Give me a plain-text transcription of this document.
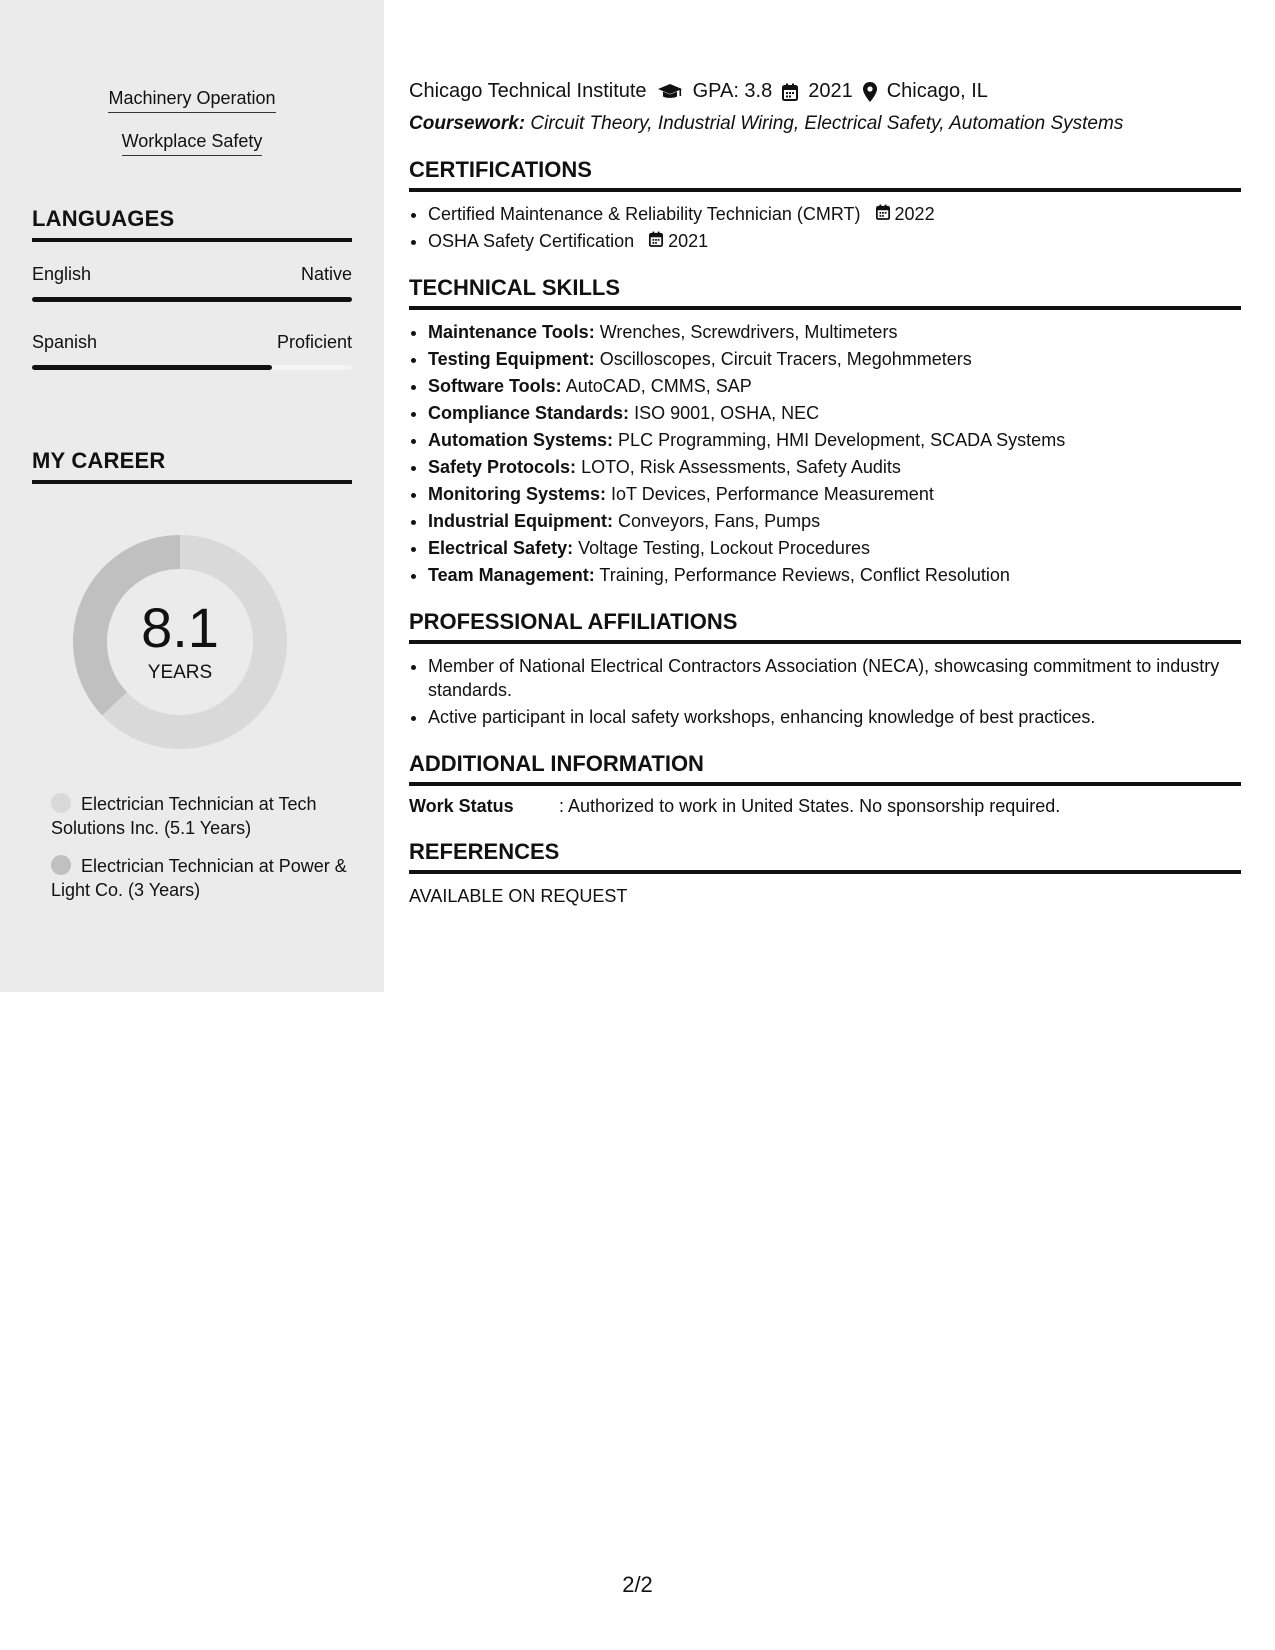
Machinery Operation
Workplace Safety
LANGUAGES
English	Native
Spanish	Proficient
MY CAREER
8.1
YEARS
Electrician Technician at Tech Solutions Inc. (5.1 Years)
Electrician Technician at Power & Light Co. (3 Years)
Chicago Technical Institute GPA: 3.8 2021 Chicago, IL
Coursework: Circuit Theory, Industrial Wiring, Electrical Safety, Automation Systems
CERTIFICATIONS
• Certified Maintenance & Reliability Technician (CMRT) 2022
• OSHA Safety Certification 2021
TECHNICAL SKILLS
• Maintenance Tools: Wrenches, Screwdrivers, Multimeters
• Testing Equipment: Oscilloscopes, Circuit Tracers, Megohmmeters
• Software Tools: AutoCAD, CMMS, SAP
• Compliance Standards: ISO 9001, OSHA, NEC
• Automation Systems: PLC Programming, HMI Development, SCADA Systems
• Safety Protocols: LOTO, Risk Assessments, Safety Audits
• Monitoring Systems: IoT Devices, Performance Measurement
• Industrial Equipment: Conveyors, Fans, Pumps
• Electrical Safety: Voltage Testing, Lockout Procedures
• Team Management: Training, Performance Reviews, Conflict Resolution
PROFESSIONAL AFFILIATIONS
• Member of National Electrical Contractors Association (NECA), showcasing commitment to industry standards.
• Active participant in local safety workshops, enhancing knowledge of best practices.
ADDITIONAL INFORMATION
Work Status	: Authorized to work in United States. No sponsorship required.
REFERENCES
AVAILABLE ON REQUEST
2/2
